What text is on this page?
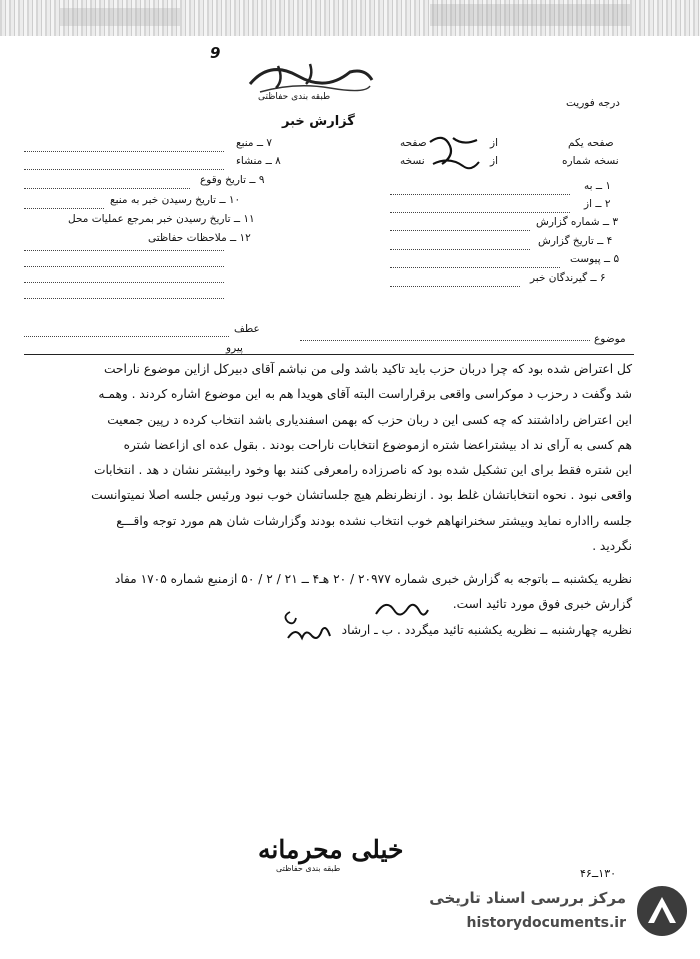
9
طبقه بندی حفاظتی	درجه فوریت
گزارش خبر
صفحه یکم
از
صفحه
نسخه شماره
از
نسخه
۱ ــ به
۲ ــ از
۳ ــ شماره گزارش
۴ ــ تاریخ گزارش
۵ ــ پیوست
۶ ــ گیرندگان خبر
۷ ــ منبع
۸ ــ منشاء
۹ ــ تاریخ وقوع
۱۰ ــ تاریخ رسیدن خبر به منبع
۱۱ ــ تاریخ رسیدن خبر بمرجع عملیات محل
۱۲ ــ ملاحظات حفاظتی
عطف
پیرو
موضوع

کل اعتراض شده بود که چرا دربان حزب باید تاکید باشد ولی من نباشم آقای دبیرکل ازاین موضوع ناراحت

شد وگفت د رحزب د موکراسی واقعی برقراراست البته آقای هویدا هم به این موضوع اشاره کردند . وهمـه

این اعتراض راداشتند که چه کسی این د ربان حزب که بهمن اسفندیاری باشد انتخاب کرده د رپین جمعیت

هم کسی به آرای ند اد بیشتراعضا شتره ازموضوع انتخابات ناراحت بودند . بقول عده ای ازاعضا شتره

این شتره فقط برای این تشکیل شده بود که ناصرزاده رامعرفی کنند بها وخود رابیشتر نشان د هد . انتخابات

واقعی نبود . نحوه انتخاباتشان غلط بود . ازنظرنظم هیچ جلساتشان خوب نبود ورئیس جلسه اصلا نمیتوانست

جلسه رااداره نماید وبیشتر سخنرانهاهم خوب انتخاب نشده بودند وگزارشات شان هم مورد توجه واقـــع

نگردید .

نظریه یکشنبه ــ باتوجه به گزارش خبری شماره ۲۰۹۷۷ / ۲۰ هـ۴ ــ ۲۱ / ۲ / ۵۰ ازمنبع شماره ۱۷۰۵ مفاد

گزارش خبری فوق مورد تائید است.

نظریه چهارشنبه ــ نظریه یکشنبه تائید میگردد . ب ـ ارشاد

خیلی محرمانه
طبقه بندی حفاظتی	۱۳۰ــ۴۶
مرکز بررسی اسناد تاریخی
historydocuments.ir
